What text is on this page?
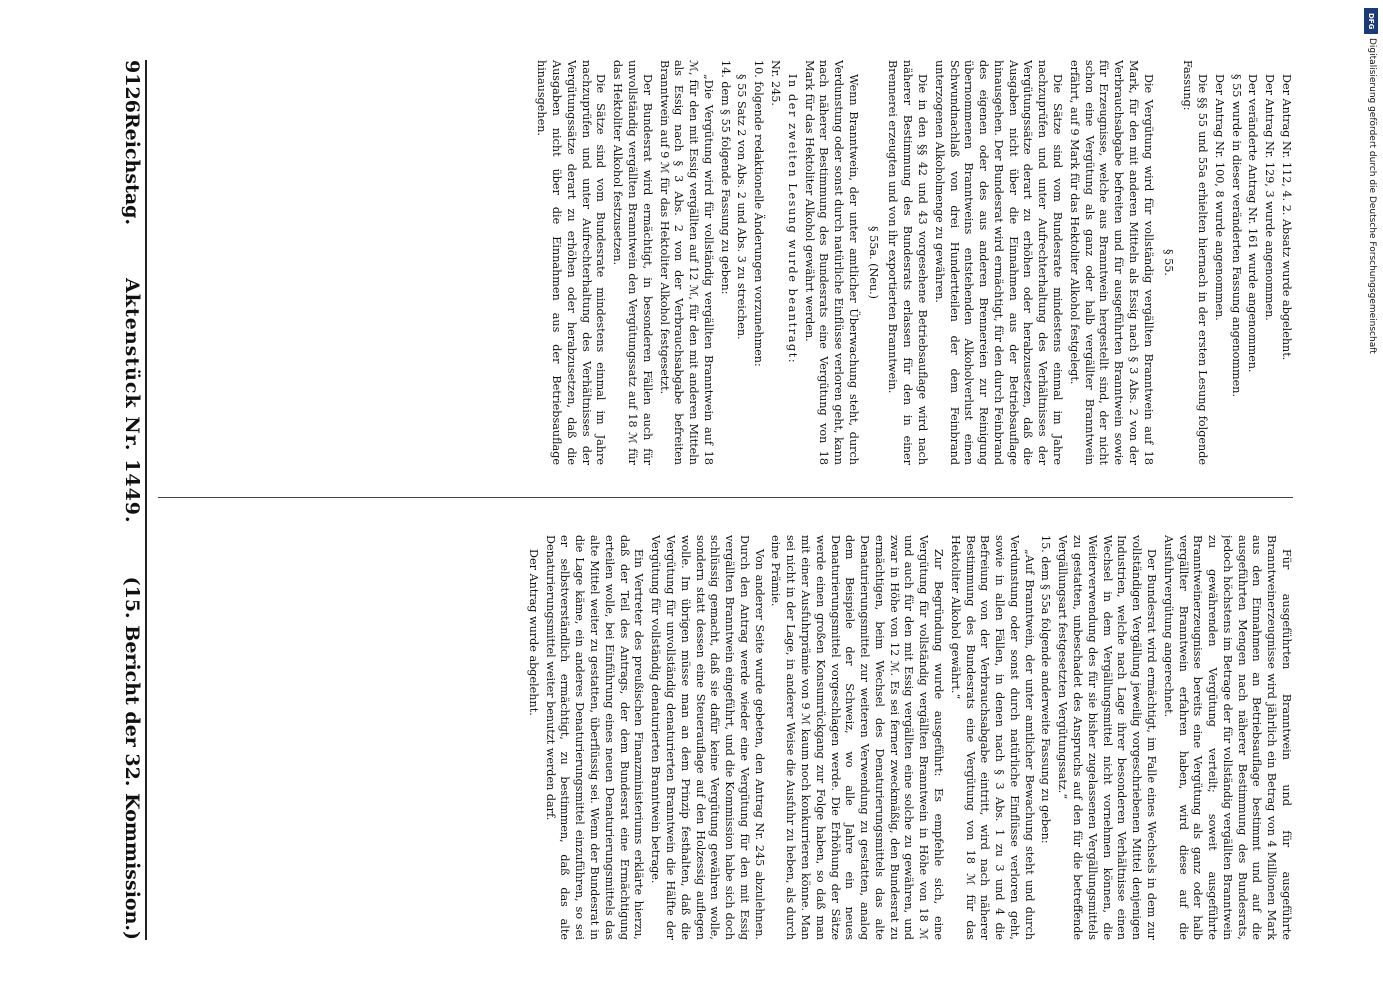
9126
Reichstag.
Aktenstück Nr. 1449.
(15. Bericht der 32. Kommission.)

Der Antrag Nr. 112, 4. 2. Absatz wurde abgelehnt.

Der Antrag Nr. 129, 3 wurde angenommen.

Der veränderte Antrag Nr. 161 wurde angenommen.

§ 55 wurde in dieser veränderten Fassung angenommen.

Der Antrag Nr. 100, 8 wurde angenommen.

Die §§ 55 und 55a erhielten hiernach in der ersten Lesung folgende Fassung:

§ 55.

Die Vergütung wird für vollständig vergällten Branntwein auf 18 Mark, für den mit anderen Mitteln als Essig nach § 3 Abs. 2 von der Verbrauchsabgabe befreiten und für ausgeführten Branntwein sowie für Erzeugnisse, welche aus Branntwein hergestellt sind, der nicht schon eine Vergütung als ganz oder halb vergällter Branntwein erfährt, auf 9 Mark für das Hektoliter Alkohol festgelegt.

Die Sätze sind vom Bundesrate mindestens einmal im Jahre nachzuprüfen und unter Aufrechterhaltung des Verhältnisses der Vergütungssätze derart zu erhöhen oder herabzusetzen, daß die Ausgaben nicht über die Einnahmen aus der Betriebsauflage hinausgehen. Der Bundesrat wird ermächtigt, für den durch Feinbrand des eigenen oder des aus anderen Brennereien zur Reinigung übernommenen Branntweins entstehenden Alkoholverlust einen Schwundnachlaß von drei Hundertteilen der dem Feinbrand unterzogenen Alkoholmenge zu gewähren.

Die in den §§ 42 und 43 vorgesehene Betriebsauflage wird nach näherer Bestimmung des Bundesrats erlassen für den in einer Brennerei erzeugten und von ihr exportierten Branntwein.

§ 55a. (Neu.)

Wenn Branntwein, der unter amtlicher Überwachung steht, durch Verdunstung oder sonst durch natürliche Einflüsse verloren geht, kann nach näherer Bestimmung des Bundesrats eine Vergütung von 18 Mark für das Hektoliter Alkohol gewährt werden.

In der zweiten Lesung wurde beantragt:

Nr. 245.

10. folgende redaktionelle Änderungen vorzunehmen:

§ 55 Satz 2 von Abs. 2 und Abs. 3 zu streichen.

14. dem § 55 folgende Fassung zu geben:

„Die Vergütung wird für vollständig vergällten Branntwein auf 18 ℳ, für den mit Essig vergällten auf 12 ℳ, für den mit anderen Mitteln als Essig nach § 3 Abs. 2 von der Verbrauchsabgabe befreiten Branntwein auf 9 ℳ für das Hektoliter Alkohol festgesetzt.

Der Bundesrat wird ermächtigt, in besonderen Fällen auch für unvollständig vergällten Branntwein den Vergütungssatz auf 18 ℳ für das Hektoliter Alkohol festzusetzen.

Die Sätze sind vom Bundesrate mindestens einmal im Jahre nachzuprüfen und unter Aufrechterhaltung des Verhältnisses der Vergütungssätze derart zu erhöhen oder herabzusetzen, daß die Ausgaben nicht über die Einnahmen aus der Betriebsauflage hinausgehen.

Für ausgeführten Branntwein und für ausgeführte Branntweinerzeugnisse wird jährlich ein Betrag von 4 Millionen Mark aus den Einnahmen an Betriebsauflage bestimmt und auf die ausgeführten Mengen nach näherer Bestimmung des Bundesrats, jedoch höchstens im Betrage der für vollständig vergällten Branntwein zu gewährenden Vergütung verteilt; soweit ausgeführte Branntweinerzeugnisse bereits eine Vergütung als ganz oder halb vergällter Branntwein erfahren haben, wird diese auf die Ausfuhrvergütung angerechnet.

Der Bundesrat wird ermächtigt, im Falle eines Wechsels in dem zur vollständigen Vergällung jeweilig vorgeschriebenen Mittel denjenigen Industrien, welche nach Lage ihrer besonderen Verhältnisse einen Wechsel in dem Vergällungsmittel nicht vornehmen können, die Weiterverwendung des für sie bisher zugelassenen Vergällungsmittels zu gestatten, unbeschadet des Anspruchs auf den für die betreffende Vergällungsart festgesetzten Vergütungssatz.“

15. dem § 55a folgende anderweite Fassung zu geben:

„Auf Branntwein, der unter amtlicher Bewachung steht und durch Verdunstung oder sonst durch natürliche Einflüsse verloren geht, sowie in allen Fällen, in denen nach § 3 Abs. 1 zu 3 und 4 die Befreiung von der Verbrauchsabgabe eintritt, wird nach näherer Bestimmung des Bundesrats eine Vergütung von 18 ℳ für das Hektoliter Alkohol gewährt.“

Zur Begründung wurde ausgeführt: Es empfehle sich, eine Vergütung für vollständig vergällten Branntwein in Höhe von 18 ℳ und auch für den mit Essig vergällten eine solche zu gewähren, und zwar in Höhe von 12 ℳ. Es sei ferner zweckmäßig, den Bundesrat zu ermächtigen, beim Wechsel des Denaturierungsmittels das alte Denaturierungsmittel zur weiteren Verwendung zu gestatten, analog dem Beispiele der Schweiz, wo alle Jahre ein neues Denaturierungsmittel vorgeschlagen werde. Die Erhöhung der Sätze werde einen großen Konsumrückgang zur Folge haben, so daß man mit einer Ausfuhrprämie von 9 ℳ kaum noch konkurrieren könne. Man sei nicht in der Lage, in anderer Weise die Ausfuhr zu heben, als durch eine Prämie.

Von anderer Seite wurde gebeten, den Antrag Nr. 245 abzulehnen. Durch den Antrag werde wieder eine Vergütung für den mit Essig vergällten Branntwein eingeführt, und die Kommission habe sich doch schlüssig gemacht, daß sie dafür keine Vergütung gewähren wolle, sondern statt dessen eine Steuerauflage auf den Holzessig auflegen wolle. Im übrigen müsse man an dem Prinzip festhalten, daß die Vergütung für unvollständig denaturierten Branntwein die Hälfte der Vergütung für vollständig denaturierten Branntwein betrage.

Ein Vertreter des preußischen Finanzministeriums erklärte hierzu, daß der Teil des Antrags, der dem Bundesrat eine Ermächtigung erteilen wolle, bei Einführung eines neuen Denaturierungsmittels das alte Mittel weiter zu gestatten, überflüssig sei. Wenn der Bundesrat in die Lage käme, ein anderes Denaturierungsmittel einzuführen, so sei er selbstverständlich ermächtigt, zu bestimmen, daß das alte Denaturierungsmittel weiter benutzt werden darf.

Der Antrag wurde abgelehnt.

DFG
Digitalisierung gefördert durch die Deutsche Forschungsgemeinschaft
